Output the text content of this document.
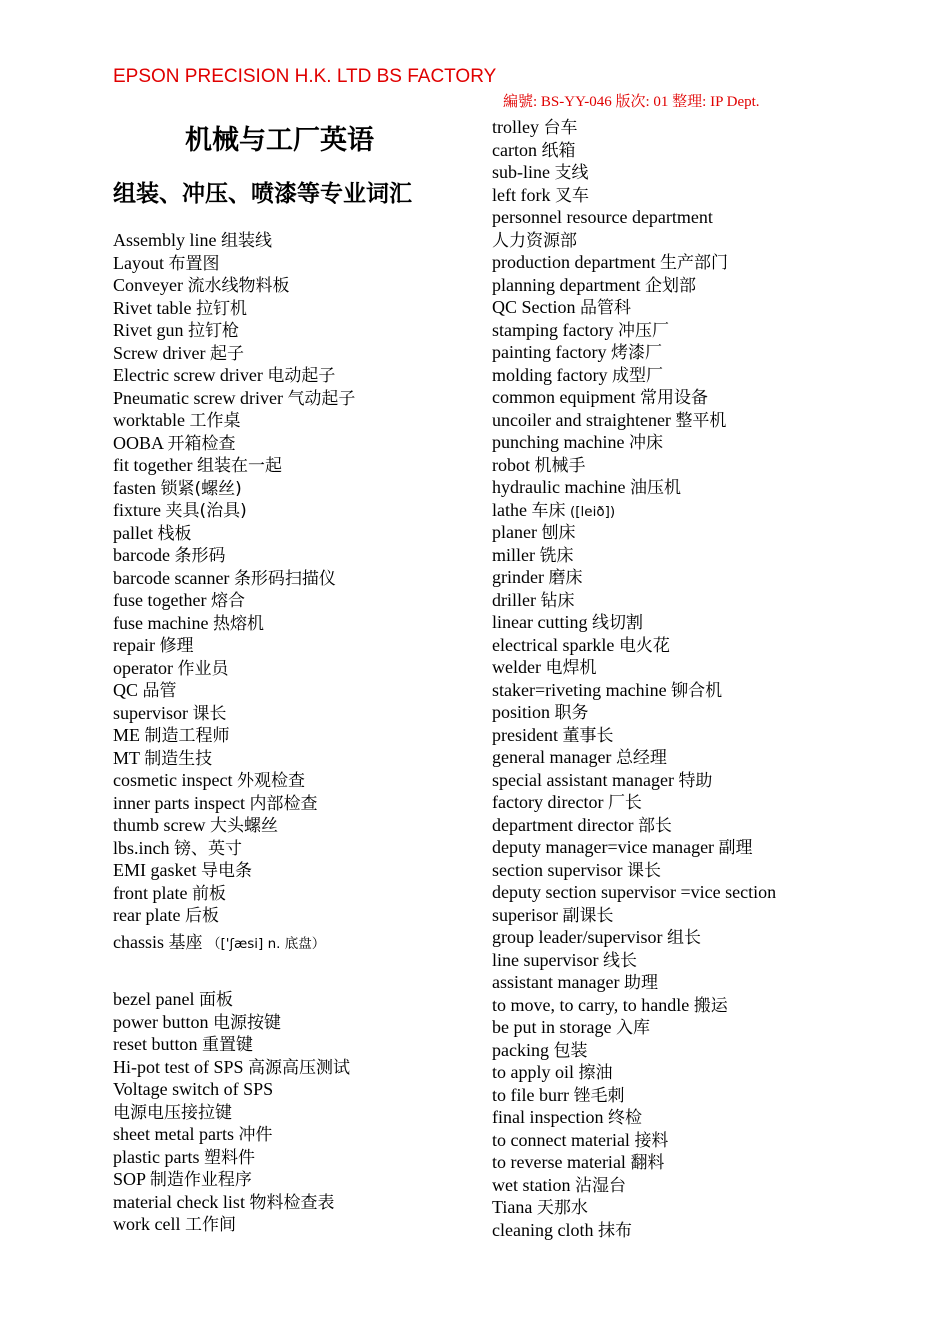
EPSON PRECISION H.K. LTD BS FACTORY
編號: BS-YY-046 版次: 01 整理: IP Dept.
机械与工厂英语
组装、冲压、喷漆等专业词汇
Assembly line 组装线
Layout 布置图
Conveyer 流水线物料板
Rivet table 拉钉机
Rivet gun 拉钉枪
Screw driver 起子
Electric screw driver 电动起子
Pneumatic screw driver 气动起子
worktable 工作桌
OOBA 开箱检查
fit together 组装在一起
fasten 锁紧(螺丝)
fixture 夹具(治具)
pallet 栈板
barcode 条形码
barcode scanner 条形码扫描仪
fuse together 熔合
fuse machine 热熔机
repair 修理
operator 作业员
QC 品管
supervisor 课长
ME 制造工程师
MT 制造生技
cosmetic inspect 外观检查
inner parts inspect 内部检查
thumb screw 大头螺丝
lbs.inch 镑、英寸
EMI gasket 导电条
front plate 前板
rear plate 后板
chassis 基座 （['ʃæsi] n. 底盘）
bezel panel 面板
power button 电源按键
reset button 重置键
Hi-pot test of SPS 高源高压测试
Voltage switch of SPS
电源电压接拉键
sheet metal parts 冲件
plastic parts 塑料件
SOP 制造作业程序
material check list 物料检查表
work cell 工作间
trolley 台车
carton 纸箱
sub-line 支线
left fork 叉车
personnel resource department
人力资源部
production department 生产部门
planning department 企划部
QC Section 品管科
stamping factory 冲压厂
painting factory 烤漆厂
molding factory 成型厂
common equipment 常用设备
uncoiler and straightener 整平机
punching machine 冲床
robot 机械手
hydraulic machine 油压机
lathe 车床 ([leið])
planer 刨床
miller 铣床
grinder 磨床
driller 钻床
linear cutting 线切割
electrical sparkle 电火花
welder 电焊机
staker=riveting machine 铆合机
position 职务
president 董事长
general manager 总经理
special assistant manager 特助
factory director 厂长
department director 部长
deputy manager=vice manager 副理
section supervisor 课长
deputy section supervisor =vice section
superisor 副课长
group leader/supervisor 组长
line supervisor 线长
assistant manager 助理
to move, to carry, to handle 搬运
be put in storage 入库
packing 包装
to apply oil 擦油
to file burr 锉毛刺
final inspection 终检
to connect material 接料
to reverse material 翻料
wet station 沾湿台
Tiana 天那水
cleaning cloth 抹布
